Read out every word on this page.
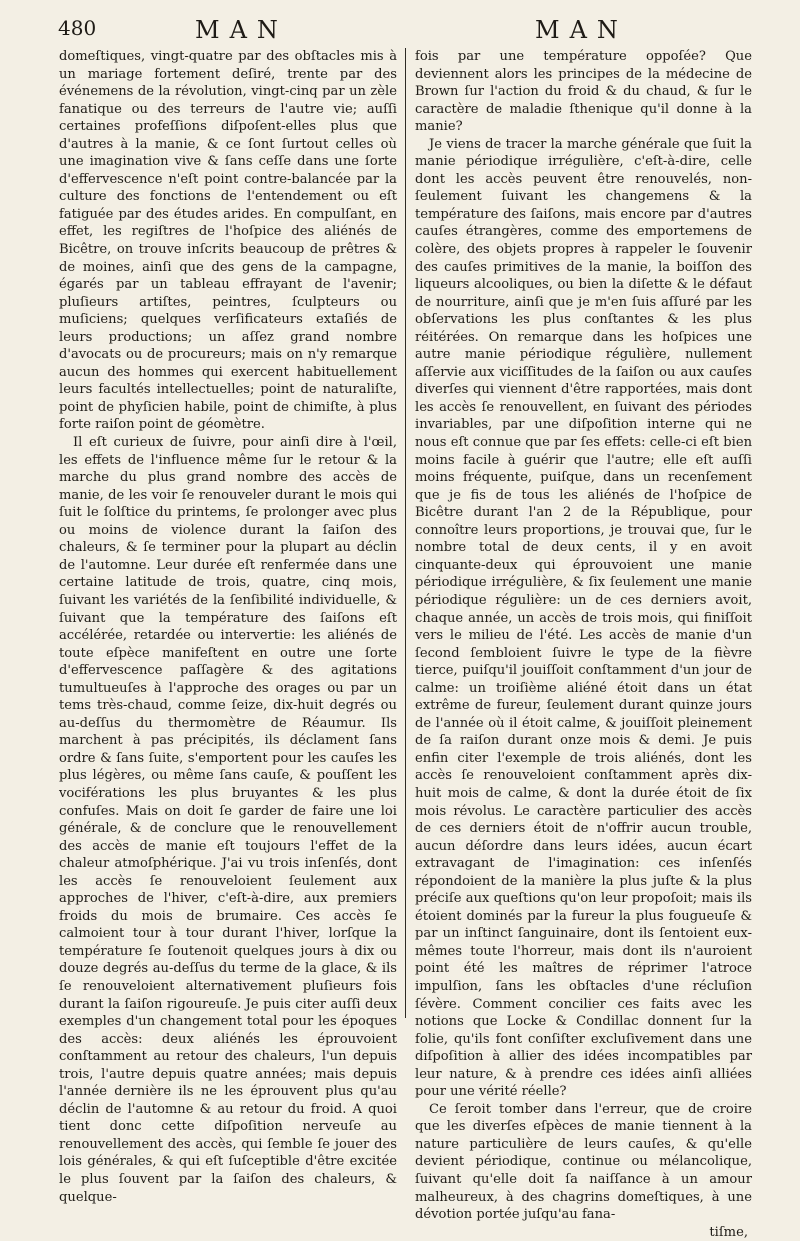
480	MAN	MAN

domeſtiques, vingt-quatre par des obſtacles mis à un mariage fortement deſiré, trente par des événemens de la révolution, vingt-cinq par un zèle fanatique ou des terreurs de l'autre vie; auſſi certaines profeſſions diſpoſent-elles plus que d'autres à la manie, & ce ſont ſurtout celles où une imagination vive & ſans ceſſe dans une ſorte d'effervescence n'eſt point contre-balancée par la culture des fonctions de l'entendement ou eſt fatiguée par des études arides. En compulſant, en effet, les regiſtres de l'hoſpice des aliénés de Bicêtre, on trouve inſcrits beaucoup de prêtres & de moines, ainſi que des gens de la campagne, égarés par un tableau effrayant de l'avenir; pluſieurs artiſtes, peintres, ſculpteurs ou muſiciens; quelques verſificateurs extaſiés de leurs productions; un aſſez grand nombre d'avocats ou de procureurs; mais on n'y remarque aucun des hommes qui exercent habituellement leurs facultés intellectuelles; point de naturaliſte, point de phyſicien habile, point de chimiſte, à plus forte raiſon point de géomètre.

Il eſt curieux de ſuivre, pour ainſi dire à l'œil, les effets de l'influence même ſur le retour & la marche du plus grand nombre des accès de manie, de les voir ſe renouveler durant le mois qui ſuit le ſolſtice du printems, ſe prolonger avec plus ou moins de violence durant la ſaiſon des chaleurs, & ſe terminer pour la plupart au déclin de l'automne. Leur durée eſt renfermée dans une certaine latitude de trois, quatre, cinq mois, ſuivant les variétés de la ſenſibilité individuelle, & ſuivant que la température des ſaiſons eſt accélérée, retardée ou intervertie: les aliénés de toute eſpèce manifeſtent en outre une ſorte d'effervescence paſſagère & des agitations tumultueuſes à l'approche des orages ou par un tems très-chaud, comme ſeize, dix-huit degrés ou au-deſſus du thermomètre de Réaumur. Ils marchent à pas précipités, ils déclament ſans ordre & ſans ſuite, s'emportent pour les cauſes les plus légères, ou même ſans cauſe, & pouſſent les vociférations les plus bruyantes & les plus confuſes. Mais on doit ſe garder de faire une loi générale, & de conclure que le renouvellement des accès de manie eſt toujours l'effet de la chaleur atmoſphérique. J'ai vu trois inſenſés, dont les accès ſe renouveloient ſeulement aux approches de l'hiver, c'eſt-à-dire, aux premiers froids du mois de brumaire. Ces accès ſe calmoient tour à tour durant l'hiver, lorſque la température ſe ſoutenoit quelques jours à dix ou douze degrés au-deſſus du terme de la glace, & ils ſe renouveloient alternativement pluſieurs fois durant la ſaiſon rigoureuſe. Je puis citer auſſi deux exemples d'un changement total pour les époques des accès: deux aliénés les éprouvoient conſtamment au retour des chaleurs, l'un depuis trois, l'autre depuis quatre années; mais depuis l'année dernière ils ne les éprouvent plus qu'au déclin de l'automne & au retour du froid. A quoi tient donc cette diſpoſition nerveuſe au renouvellement des accès, qui ſemble ſe jouer des lois générales, & qui eſt ſuſceptible d'être excitée le plus ſouvent par la ſaiſon des chaleurs, & quelque-

fois par une température oppoſée? Que deviennent alors les principes de la médecine de Brown ſur l'action du froid & du chaud, & ſur le caractère de maladie ſthenique qu'il donne à la manie?

Je viens de tracer la marche générale que ſuit la manie périodique irrégulière, c'eſt-à-dire, celle dont les accès peuvent être renouvelés, non-ſeulement ſuivant les changemens & la température des ſaiſons, mais encore par d'autres cauſes étrangères, comme des emportemens de colère, des objets propres à rappeler le ſouvenir des cauſes primitives de la manie, la boiſſon des liqueurs alcooliques, ou bien la diſette & le défaut de nourriture, ainſi que je m'en ſuis aſſuré par les obſervations les plus conſtantes & les plus réitérées. On remarque dans les hoſpices une autre manie périodique régulière, nullement aſſervie aux viciſſitudes de la ſaiſon ou aux cauſes diverſes qui viennent d'être rapportées, mais dont les accès ſe renouvellent, en ſuivant des périodes invariables, par une diſpoſition interne qui ne nous eſt connue que par ſes effets: celle-ci eſt bien moins facile à guérir que l'autre; elle eſt auſſi moins fréquente, puiſque, dans un recenſement que je fis de tous les aliénés de l'hoſpice de Bicêtre durant l'an 2 de la République, pour connoître leurs proportions, je trouvai que, ſur le nombre total de deux cents, il y en avoit cinquante-deux qui éprouvoient une manie périodique irrégulière, & ſix ſeulement une manie périodique régulière: un de ces derniers avoit, chaque année, un accès de trois mois, qui finiſſoit vers le milieu de l'été. Les accès de manie d'un ſecond ſembloient ſuivre le type de la fièvre tierce, puiſqu'il jouiſſoit conſtamment d'un jour de calme: un troiſième aliéné étoit dans un état extrême de fureur, ſeulement durant quinze jours de l'année où il étoit calme, & jouiſſoit pleinement de ſa raiſon durant onze mois & demi. Je puis enfin citer l'exemple de trois aliénés, dont les accès ſe renouveloient conſtamment après dix-huit mois de calme, & dont la durée étoit de ſix mois révolus. Le caractère particulier des accès de ces derniers étoit de n'offrir aucun trouble, aucun déſordre dans leurs idées, aucun écart extravagant de l'imagination: ces inſenſés répondoient de la manière la plus juſte & la plus préciſe aux queſtions qu'on leur propoſoit; mais ils étoient dominés par la fureur la plus fougueuſe & par un inſtinct ſanguinaire, dont ils ſentoient eux-mêmes toute l'horreur, mais dont ils n'auroient point été les maîtres de réprimer l'atroce impulſion, ſans les obſtacles d'une récluſion ſévère. Comment concilier ces faits avec les notions que Locke & Condillac donnent ſur la folie, qu'ils font conſiſter excluſivement dans une diſpoſition à allier des idées incompatibles par leur nature, & à prendre ces idées ainſi alliées pour une vérité réelle?

Ce ſeroit tomber dans l'erreur, que de croire que les diverſes eſpèces de manie tiennent à la nature particulière de leurs cauſes, & qu'elle devient périodique, continue ou mélancolique, ſuivant qu'elle doit ſa naiſſance à un amour malheureux, à des chagrins domeſtiques, à une dévotion portée juſqu'au fana-

tiſme,
